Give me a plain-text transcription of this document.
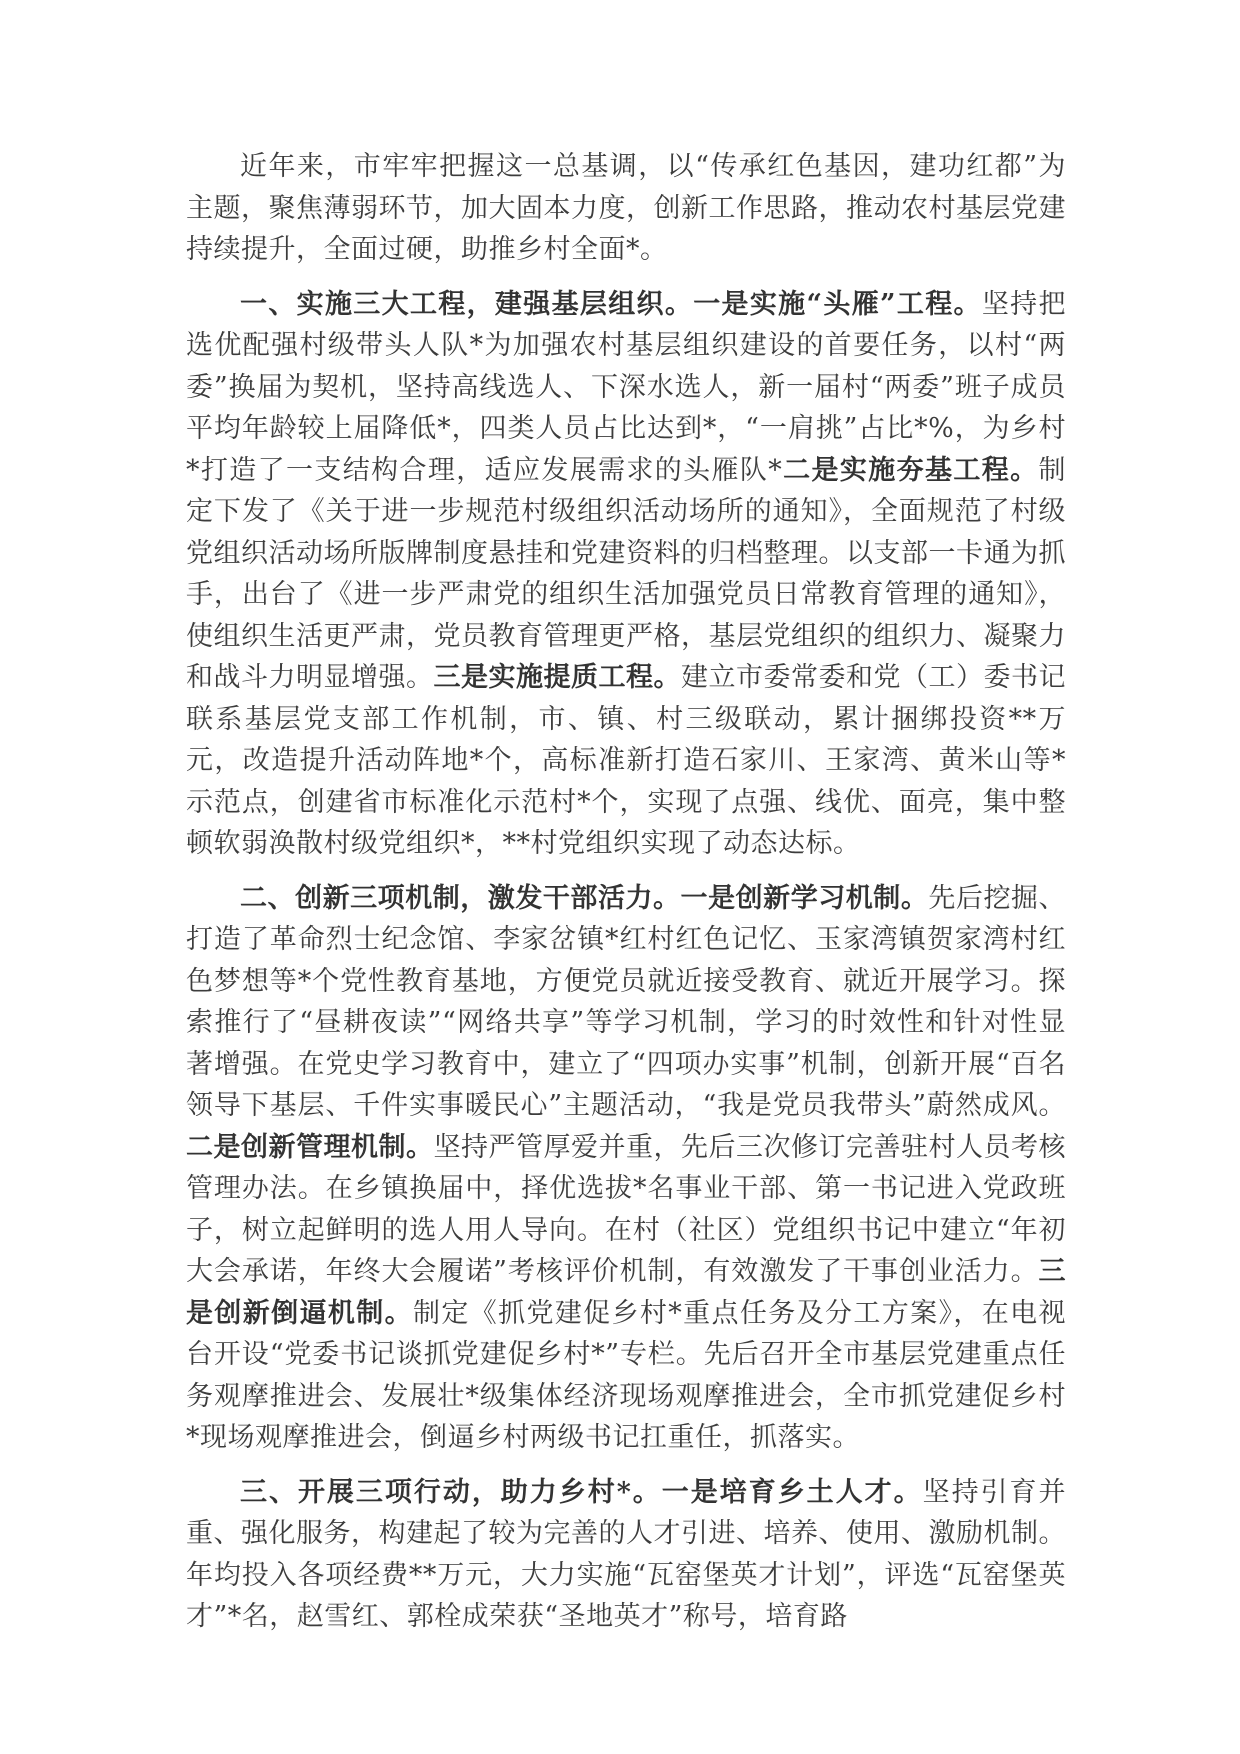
近年来，市牢牢把握这一总基调，以“传承红色基因，建功红都”为主题，聚焦薄弱环节，加大固本力度，创新工作思路，推动农村基层党建持续提升，全面过硬，助推乡村全面*。

一、实施三大工程，建强基层组织。一是实施“头雁”工程。坚持把选优配强村级带头人队*为加强农村基层组织建设的首要任务，以村“两委”换届为契机，坚持高线选人、下深水选人，新一届村“两委”班子成员平均年龄较上届降低*，四类人员占比达到*，“一肩挑”占比*%，为乡村*打造了一支结构合理，适应发展需求的头雁队*二是实施夯基工程。制定下发了《关于进一步规范村级组织活动场所的通知》，全面规范了村级党组织活动场所版牌制度悬挂和党建资料的归档整理。以支部一卡通为抓手，出台了《进一步严肃党的组织生活加强党员日常教育管理的通知》，使组织生活更严肃，党员教育管理更严格，基层党组织的组织力、凝聚力和战斗力明显增强。三是实施提质工程。建立市委常委和党（工）委书记联系基层党支部工作机制，市、镇、村三级联动，累计捆绑投资**万元，改造提升活动阵地*个，高标准新打造石家川、王家湾、黄米山等*示范点，创建省市标准化示范村*个，实现了点强、线优、面亮，集中整顿软弱涣散村级党组织*，**村党组织实现了动态达标。

二、创新三项机制，激发干部活力。一是创新学习机制。先后挖掘、打造了革命烈士纪念馆、李家岔镇*红村红色记忆、玉家湾镇贺家湾村红色梦想等*个党性教育基地，方便党员就近接受教育、就近开展学习。探索推行了“昼耕夜读”“网络共享”等学习机制，学习的时效性和针对性显著增强。在党史学习教育中，建立了“四项办实事”机制，创新开展“百名领导下基层、千件实事暖民心”主题活动，“我是党员我带头”蔚然成风。二是创新管理机制。坚持严管厚爱并重，先后三次修订完善驻村人员考核管理办法。在乡镇换届中，择优选拔*名事业干部、第一书记进入党政班子，树立起鲜明的选人用人导向。在村（社区）党组织书记中建立“年初大会承诺，年终大会履诺”考核评价机制，有效激发了干事创业活力。三是创新倒逼机制。制定《抓党建促乡村*重点任务及分工方案》，在电视台开设“党委书记谈抓党建促乡村*”专栏。先后召开全市基层党建重点任务观摩推进会、发展壮*级集体经济现场观摩推进会，全市抓党建促乡村*现场观摩推进会，倒逼乡村两级书记扛重任，抓落实。

三、开展三项行动，助力乡村*。一是培育乡土人才。坚持引育并重、强化服务，构建起了较为完善的人才引进、培养、使用、激励机制。年均投入各项经费**万元，大力实施“瓦窑堡英才计划”，评选“瓦窑堡英才”*名，赵雪红、郭栓成荣获“圣地英才”称号，培育路
